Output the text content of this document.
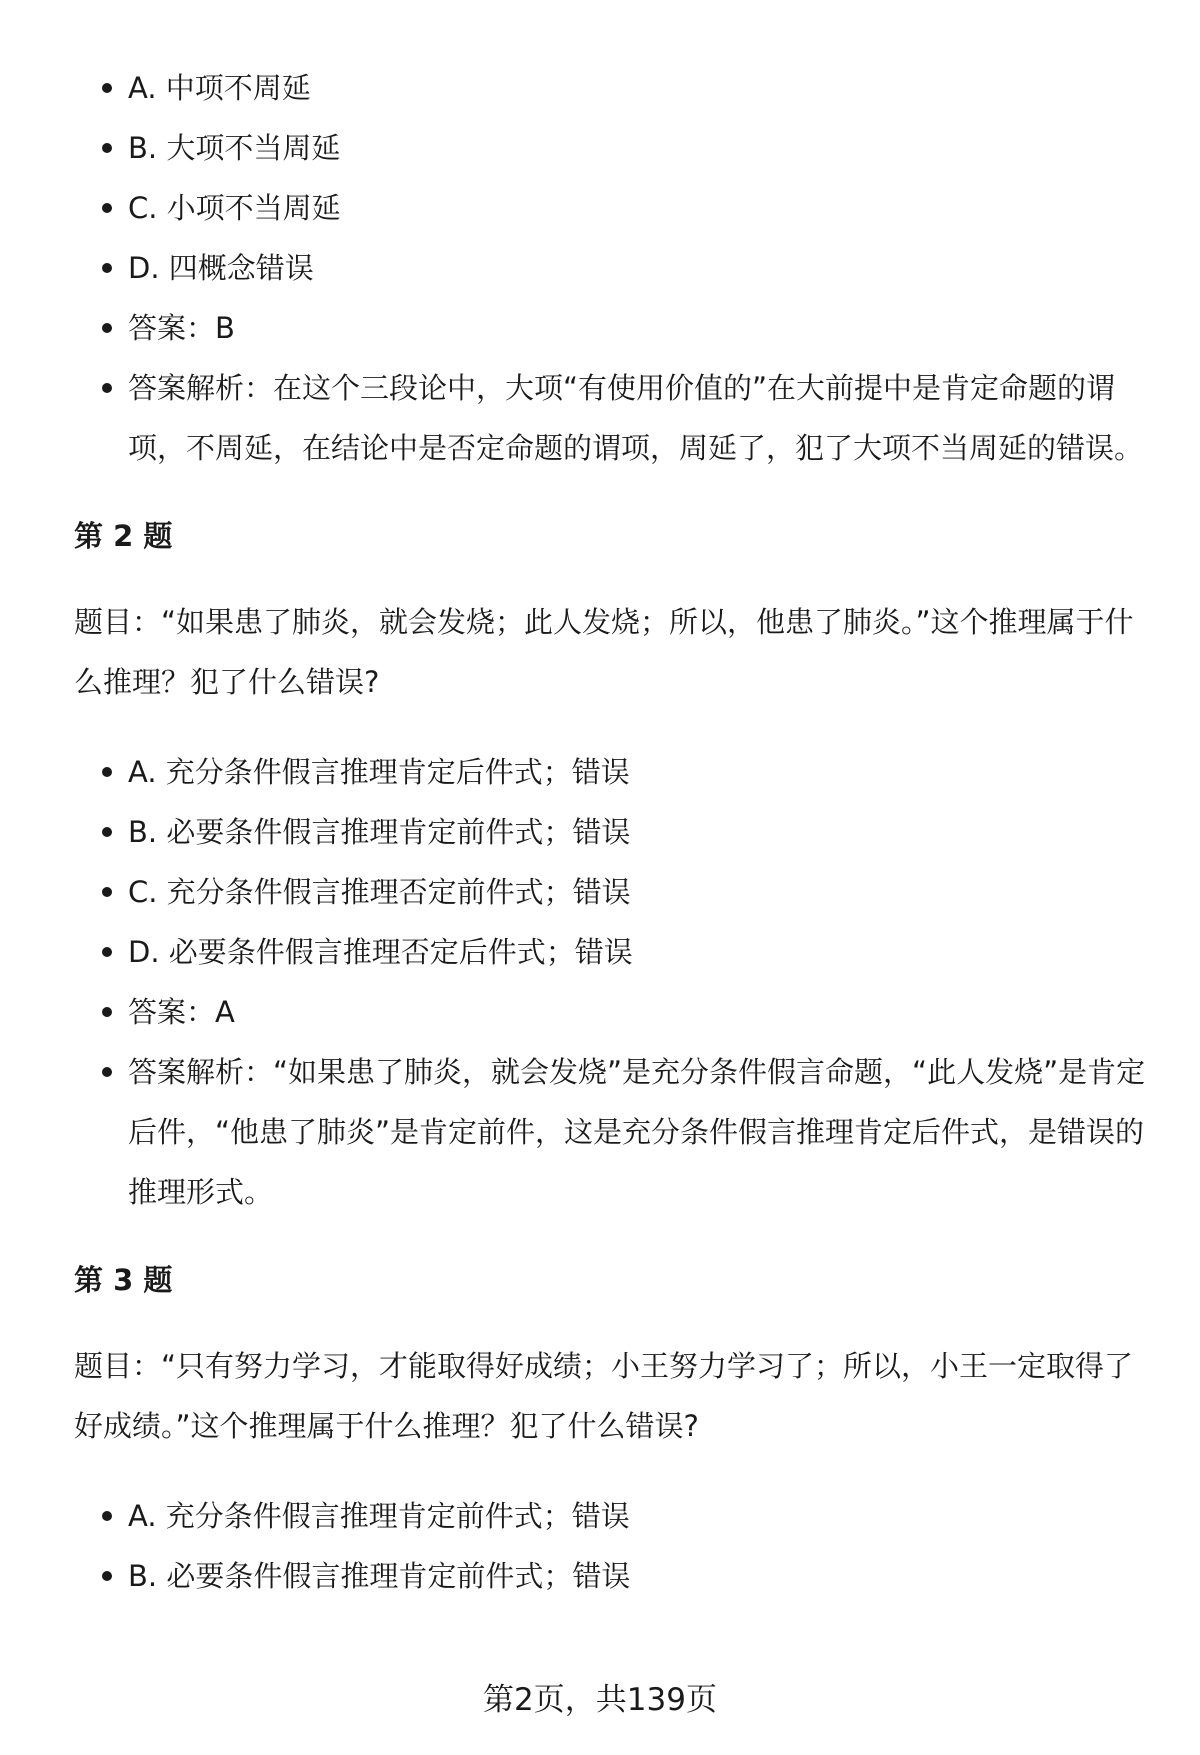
A. 中项不周延
B. 大项不当周延
C. 小项不当周延
D. 四概念错误
答案：B
答案解析：在这个三段论中，大项“有使用价值的”在大前提中是肯定命题的谓项，不周延，在结论中是否定命题的谓项，周延了，犯了大项不当周延的错误。
第 2 题
题目：“如果患了肺炎，就会发烧；此人发烧；所以，他患了肺炎。”这个推理属于什么推理？犯了什么错误?
A. 充分条件假言推理肯定后件式；错误
B. 必要条件假言推理肯定前件式；错误
C. 充分条件假言推理否定前件式；错误
D. 必要条件假言推理否定后件式；错误
答案：A
答案解析：“如果患了肺炎，就会发烧”是充分条件假言命题，“此人发烧”是肯定后件，“他患了肺炎”是肯定前件，这是充分条件假言推理肯定后件式，是错误的推理形式。
第 3 题
题目：“只有努力学习，才能取得好成绩；小王努力学习了；所以，小王一定取得了好成绩。”这个推理属于什么推理？犯了什么错误?
A. 充分条件假言推理肯定前件式；错误
B. 必要条件假言推理肯定前件式；错误
第2页，共139页
